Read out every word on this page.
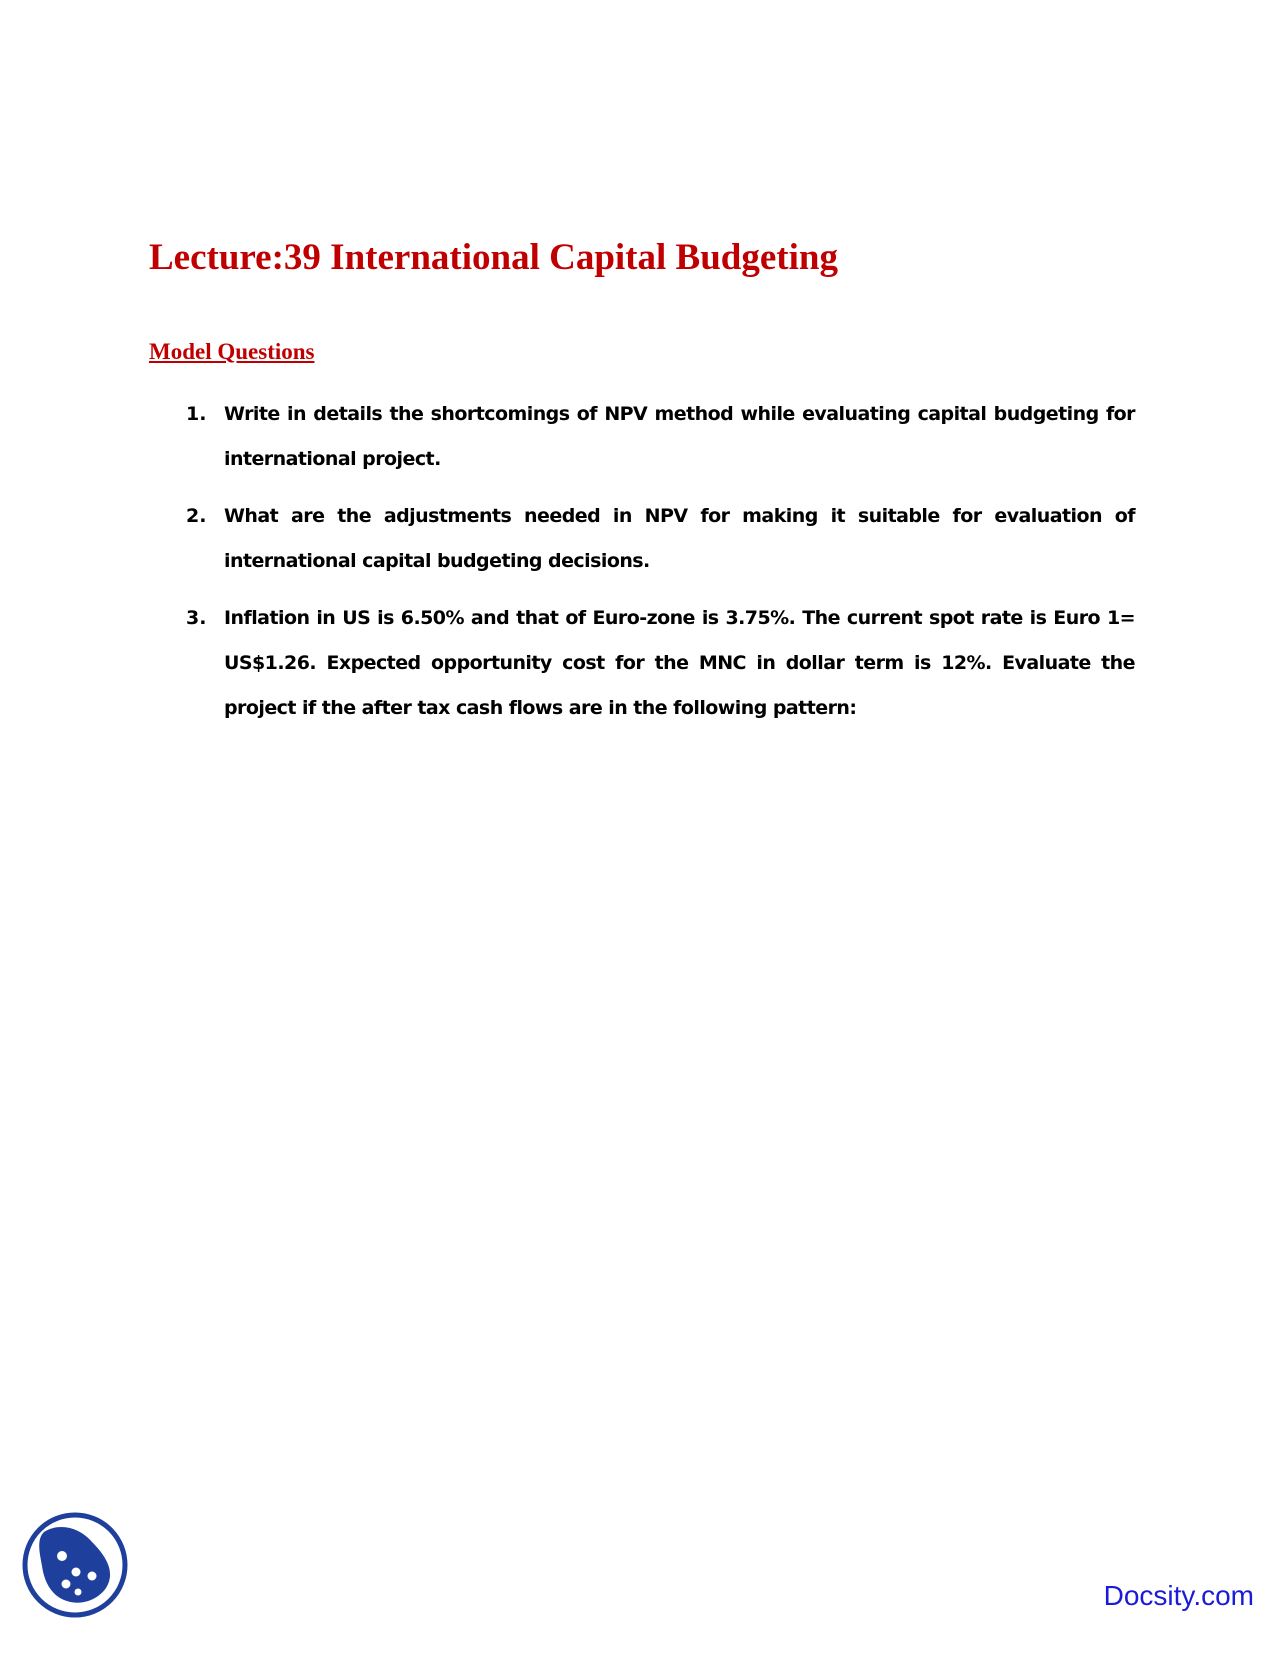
Lecture:39 International Capital Budgeting
Model Questions
1. Write in details the shortcomings of NPV method while evaluating capital budgeting for international project.
2. What are the adjustments needed in NPV for making it suitable for evaluation of international capital budgeting decisions.
3. Inflation in US is 6.50% and that of Euro-zone is 3.75%. The current spot rate is Euro 1= US$1.26. Expected opportunity cost for the MNC in dollar term is 12%. Evaluate the project if the after tax cash flows are in the following pattern:
Docsity.com
